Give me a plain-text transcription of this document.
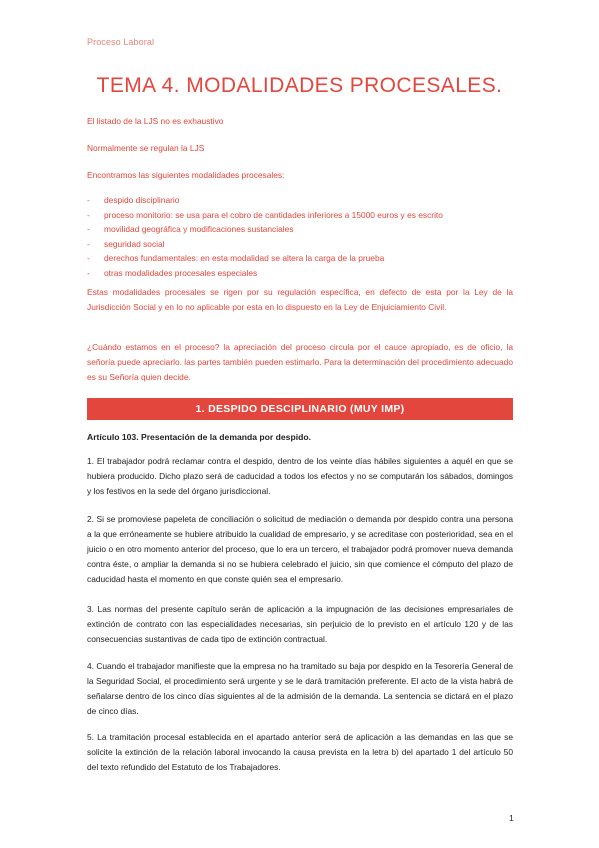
Proceso Laboral
TEMA 4. MODALIDADES PROCESALES.
El listado de la LJS no es exhaustivo
Normalmente se regulan la LJS
Encontramos las siguientes modalidades procesales:
- despido disciplinario
- proceso monitorio: se usa para el cobro de cantidades inferiores a 15000 euros y es escrito
- movilidad geográfica y modificaciones sustanciales
- seguridad social
- derechos fundamentales: en esta modalidad se altera la carga de la prueba
- otras modalidades procesales especiales
Estas modalidades procesales se rigen por su regulación específica, en defecto de esta por la Ley de la Jurisdicción Social y en lo no aplicable por esta en lo dispuesto en la Ley de Enjuiciamiento Civil.
¿Cuándo estamos en el proceso? la apreciación del proceso circula por el cauce apropiado, es de oficio, la señoría puede apreciarlo. las partes también pueden estimarlo. Para la determinación del procedimiento adecuado es su Señoría quien decide.
1. DESPIDO DESCIPLINARIO (MUY IMP)
Artículo 103. Presentación de la demanda por despido.
1. El trabajador podrá reclamar contra el despido, dentro de los veinte días hábiles siguientes a aquél en que se hubiera producido. Dicho plazo será de caducidad a todos los efectos y no se computarán los sábados, domingos y los festivos en la sede del órgano jurisdiccional.
2. Si se promoviese papeleta de conciliación o solicitud de mediación o demanda por despido contra una persona a la que erróneamente se hubiere atribuido la cualidad de empresario, y se acreditase con posterioridad, sea en el juicio o en otro momento anterior del proceso, que lo era un tercero, el trabajador podrá promover nueva demanda contra éste, o ampliar la demanda si no se hubiera celebrado el juicio, sin que comience el cómputo del plazo de caducidad hasta el momento en que conste quién sea el empresario.
3. Las normas del presente capítulo serán de aplicación a la impugnación de las decisiones empresariales de extinción de contrato con las especialidades necesarias, sin perjuicio de lo previsto en el artículo 120 y de las consecuencias sustantivas de cada tipo de extinción contractual.
4. Cuando el trabajador manifieste que la empresa no ha tramitado su baja por despido en la Tesorería General de la Seguridad Social, el procedimiento será urgente y se le dará tramitación preferente. El acto de la vista habrá de señalarse dentro de los cinco días siguientes al de la admisión de la demanda. La sentencia se dictará en el plazo de cinco días.
5. La tramitación procesal establecida en el apartado anterior será de aplicación a las demandas en las que se solicite la extinción de la relación laboral invocando la causa prevista en la letra b) del apartado 1 del artículo 50 del texto refundido del Estatuto de los Trabajadores.
1
